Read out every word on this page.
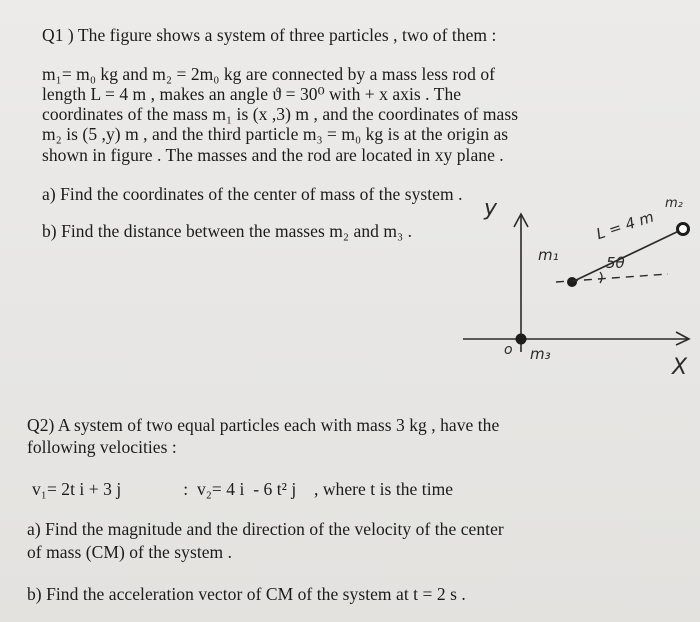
Q1 ) The figure shows a system of three particles , two of them :
m₁= m₀ kg and m₂ = 2m₀ kg are connected by a mass less rod of
length L = 4 m , makes an angle ϑ = 30⁰ with + x axis . The
coordinates of the mass m₁ is (x ,3) m , and the coordinates of mass
m₂ is (5 ,y) m , and the third particle m₃ = m₀ kg is at the origin as
shown in figure . The masses and the rod are located in xy plane .
a) Find the coordinates of the center of mass of the system .
b) Find the distance between the masses m₂ and m₃ .
y
X
o m₃
m₁
m₂
L = 4 m
5θ
Q2) A system of two equal particles each with mass 3 kg , have the
following velocities :
v₁= 2t i + 3 j              :  v₂= 4 i  - 6 t² j    , where t is the time
a) Find the magnitude and the direction of the velocity of the center
of mass (CM) of the system .
b) Find the acceleration vector of CM of the system at t = 2 s .
